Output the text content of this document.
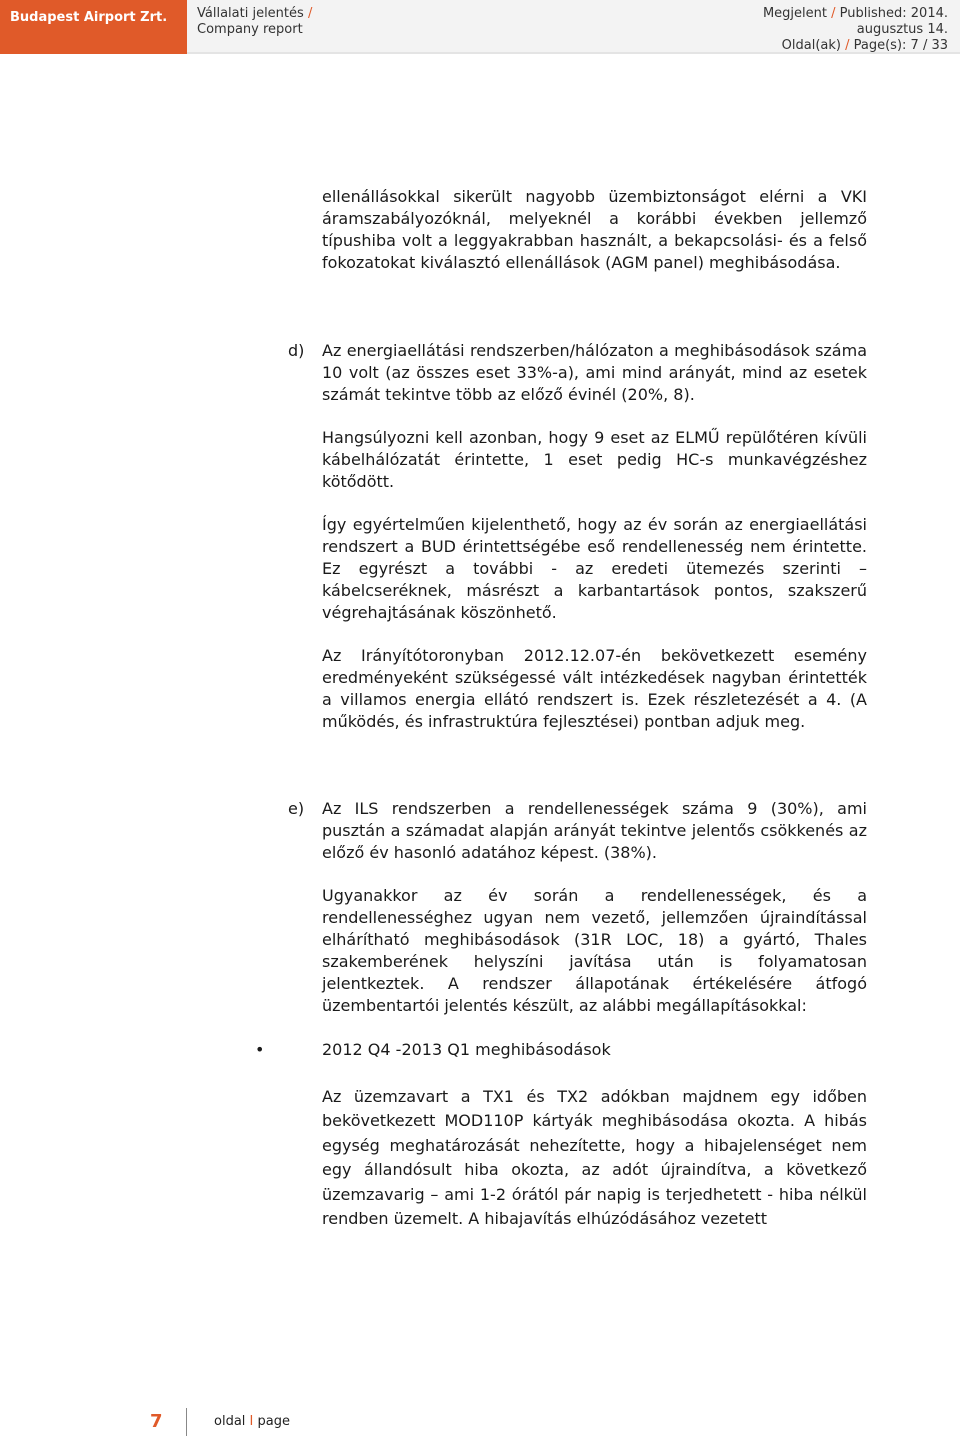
Budapest Airport Zrt.	Vállalati jelentés /
Company report
Megjelent / Published: 2014.
augusztus 14.
Oldal(ak) / Page(s): 7 / 33

ellenállásokkal sikerült nagyobb üzembiztonságot elérni a VKI áramszabályozóknál, melyeknél a korábbi években jellemző típushiba volt a leggyakrabban használt, a bekapcsolási- és a felső fokozatokat kiválasztó ellenállások (AGM panel) meghibásodása.

d) Az energiaellátási rendszerben/hálózaton a meghibásodások száma 10 volt (az összes eset 33%-a), ami mind arányát, mind az esetek számát tekintve több az előző évinél (20%, 8).

Hangsúlyozni kell azonban, hogy 9 eset az ELMŰ repülőtéren kívüli kábelhálózatát érintette, 1 eset pedig HC-s munkavégzéshez kötődött.

Így egyértelműen kijelenthető, hogy az év során az energiaellátási rendszert a BUD érintettségébe eső rendellenesség nem érintette. Ez egyrészt a további - az eredeti ütemezés szerinti – kábelcseréknek, másrészt a karbantartások pontos, szakszerű végrehajtásának köszönhető.

Az Irányítótoronyban 2012.12.07-én bekövetkezett esemény eredményeként szükségessé vált intézkedések nagyban érintették a villamos energia ellátó rendszert is. Ezek részletezését a 4. (A működés, és infrastruktúra fejlesztései) pontban adjuk meg.

e) Az ILS rendszerben a rendellenességek száma 9 (30%), ami pusztán a számadat alapján arányát tekintve jelentős csökkenés az előző év hasonló adatához képest. (38%).

Ugyanakkor az év során a rendellenességek, és a rendellenességhez ugyan nem vezető, jellemzően újraindítással elhárítható meghibásodások (31R LOC, 18) a gyártó, Thales szakemberének helyszíni javítása után is folyamatosan jelentkeztek. A rendszer állapotának értékelésére átfogó üzembentartói jelentés készült, az alábbi megállapításokkal:

•	2012 Q4 -2013 Q1 meghibásodások

Az üzemzavart a TX1 és TX2 adókban majdnem egy időben bekövetkezett MOD110P kártyák meghibásodása okozta. A hibás egység meghatározását nehezítette, hogy a hibajelenséget nem egy állandósult hiba okozta, az adót újraindítva, a következő üzemzavarig – ami 1-2 órától pár napig is terjedhetett - hiba nélkül rendben üzemelt. A hibajavítás elhúzódásához vezetett

7	oldal I page
